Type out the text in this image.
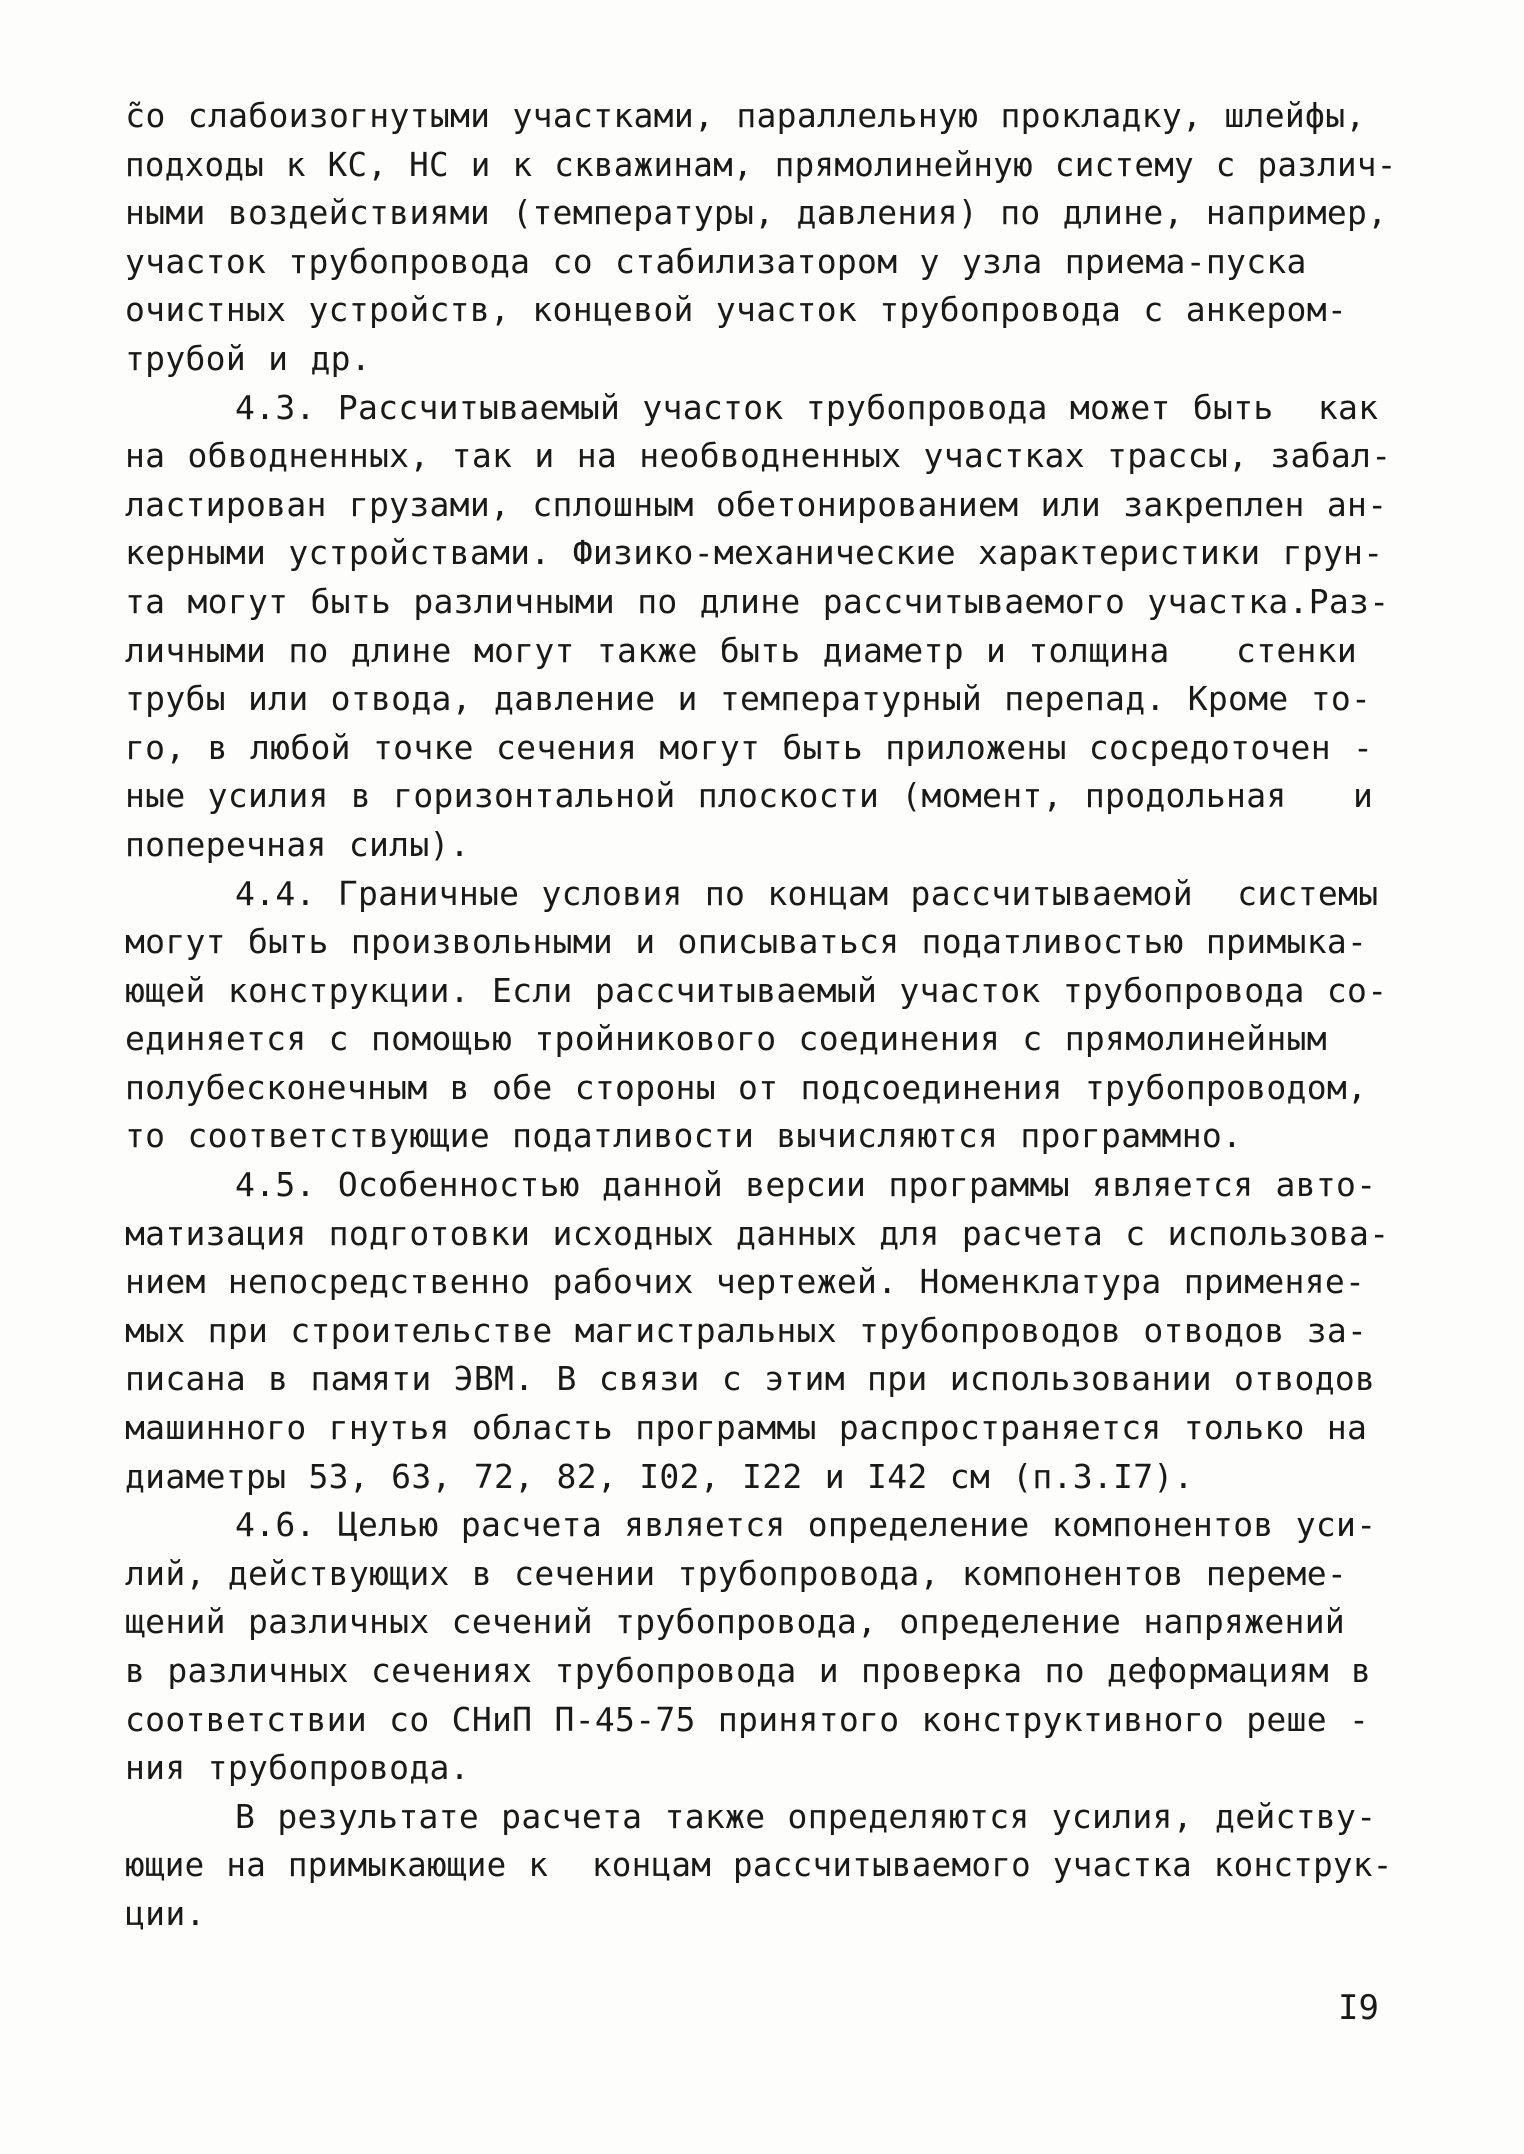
̃со слабоизогнутыми участками, параллельную прокладку, шлейфы,
подходы к КС, НС и к скважинам, прямолинейную систему с различ-
ными воздействиями (температуры, давления) по длине, например,
участок трубопровода со стабилизатором у узла приема-пуска
очистных устройств, концевой участок трубопровода с анкером-
трубой и др.
4.3. Рассчитываемый участок трубопровода может быть  как
на обводненных, так и на необводненных участках трассы, забал-
ластирован грузами, сплошным обетонированием или закреплен ан-
керными устройствами. Физико-механические характеристики грун-
та могут быть различными по длине рассчитываемого участка.Раз-
личными по длине могут также быть диаметр и толщина   стенки
трубы или отвода, давление и температурный перепад. Кроме то-
го, в любой точке сечения могут быть приложены сосредоточен -
ные усилия в горизонтальной плоскости (момент, продольная   и
поперечная силы).
4.4. Граничные условия по концам рассчитываемой  системы
могут быть произвольными и описываться податливостью примыка-
ющей конструкции. Если рассчитываемый участок трубопровода со-
единяется с помощью тройникового соединения с прямолинейным
полубесконечным в обе стороны от подсоединения трубопроводом,
то соответствующие податливости вычисляются программно.
4.5. Особенностью данной версии программы является авто-
матизация подготовки исходных данных для расчета с использова-
нием непосредственно рабочих чертежей. Номенклатура применяе-
мых при строительстве магистральных трубопроводов отводов за-
писана в памяти ЭВМ. В связи с этим при использовании отводов
машинного гнутья область программы распространяется только на
диаметры 53, 63, 72, 82, I02, I22 и I42 см (п.3.I7).
4.6. Целью расчета является определение компонентов уси-
лий, действующих в сечении трубопровода, компонентов переме-
щений различных сечений трубопровода, определение напряжений
в различных сечениях трубопровода и проверка по деформациям в
соответствии со СНиП П-45-75 принятого конструктивного реше -
ния трубопровода.
В результате расчета также определяются усилия, действу-
ющие на примыкающие к  концам рассчитываемого участка конструк-
ции.
I9
